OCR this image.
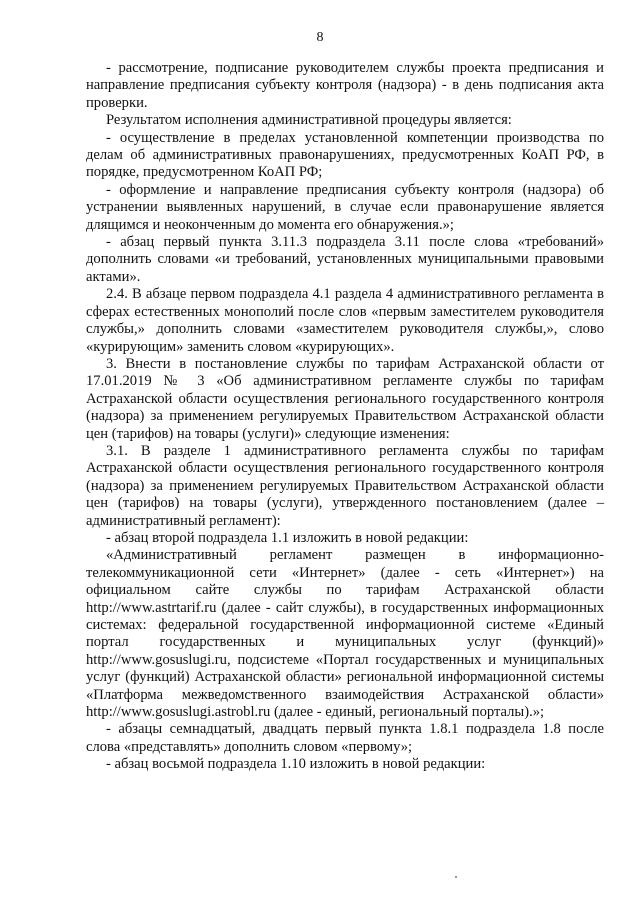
8

- рассмотрение, подписание руководителем службы проекта предписания и направление предписания субъекту контроля (надзора) - в день подписания акта проверки.

Результатом исполнения административной процедуры является:

- осуществление в пределах установленной компетенции производства по делам об административных правонарушениях, предусмотренных КоАП РФ, в порядке, предусмотренном КоАП РФ;

- оформление и направление предписания субъекту контроля (надзора) об устранении выявленных нарушений, в случае если правонарушение является длящимся и неоконченным до момента его обнаружения.»;

- абзац первый пункта 3.11.3 подраздела 3.11 после слова «требований» дополнить словами «и требований, установленных муниципальными правовыми актами».

2.4. В абзаце первом подраздела 4.1 раздела 4 административного регламента в сферах естественных монополий после слов «первым заместителем руководителя службы,» дополнить словами «заместителем руководителя службы,», слово «курирующим» заменить словом «курирующих».

3. Внести в постановление службы по тарифам Астраханской области от 17.01.2019 № 3 «Об административном регламенте службы по тарифам Астраханской области осуществления регионального государственного контроля (надзора) за применением регулируемых Правительством Астраханской области цен (тарифов) на товары (услуги)» следующие изменения:

3.1. В разделе 1 административного регламента службы по тарифам Астраханской области осуществления регионального государственного контроля (надзора) за применением регулируемых Правительством Астраханской области цен (тарифов) на товары (услуги), утвержденного постановлением (далее – административный регламент):

- абзац второй подраздела 1.1 изложить в новой редакции:

«Административный регламент размещен в информационно-телекоммуникационной сети «Интернет» (далее - сеть «Интернет») на официальном сайте службы по тарифам Астраханской области http://www.astrtarif.ru (далее - сайт службы), в государственных информационных системах: федеральной государственной информационной системе «Единый портал государственных и муниципальных услуг (функций)» http://www.gosuslugi.ru, подсистеме «Портал государственных и муниципальных услуг (функций) Астраханской области» региональной информационной системы «Платформа межведомственного взаимодействия Астраханской области» http://www.gosuslugi.astrobl.ru (далее - единый, региональный порталы).»;

- абзацы семнадцатый, двадцать первый пункта 1.8.1 подраздела 1.8 после слова «представлять» дополнить словом «первому»;

- абзац восьмой подраздела 1.10 изложить в новой редакции:
